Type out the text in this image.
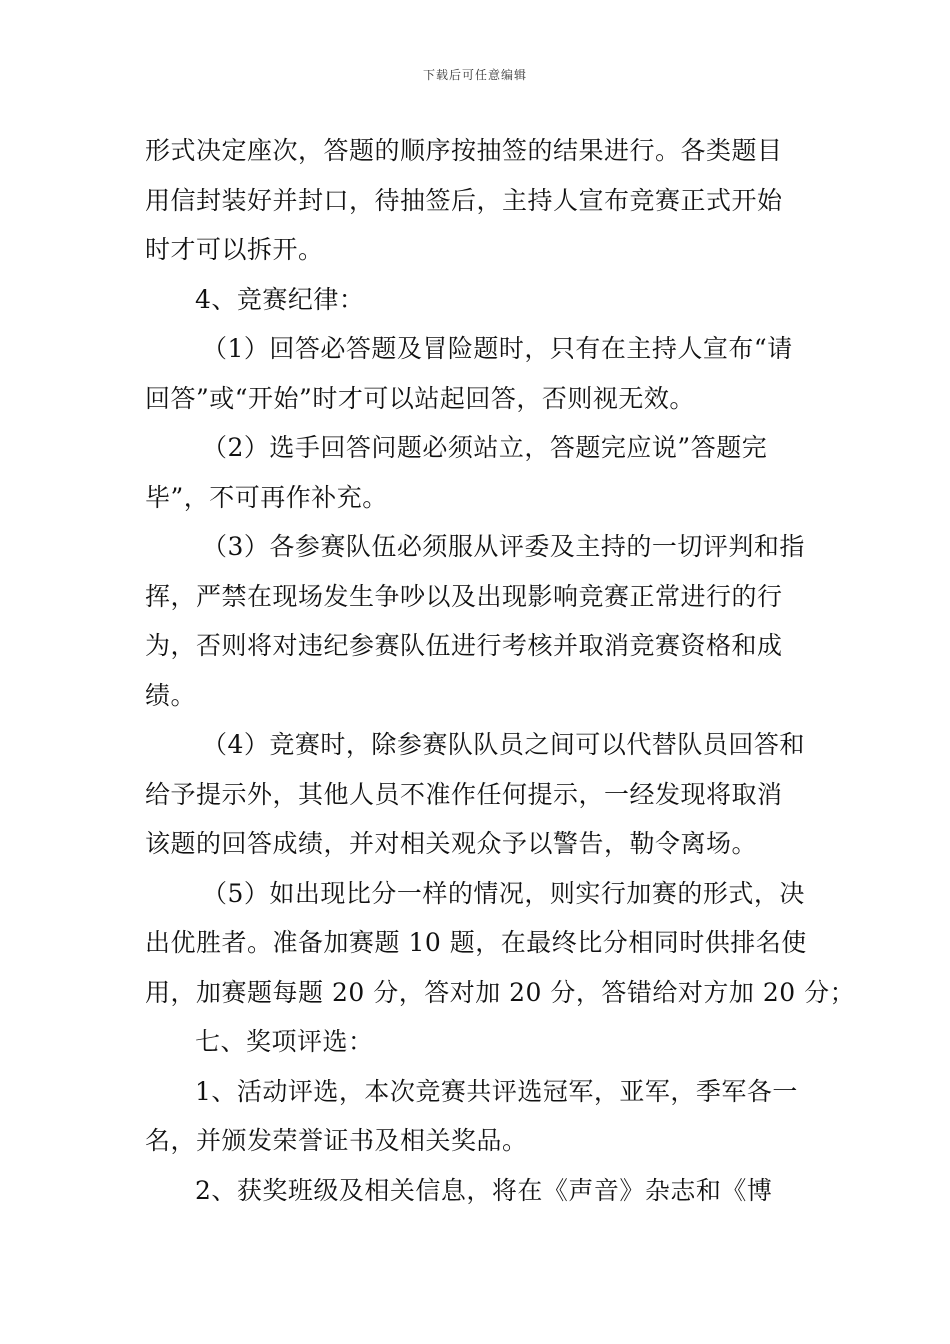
下载后可任意编辑
形式决定座次，答题的顺序按抽签的结果进行。各类题目
用信封装好并封口，待抽签后，主持人宣布竞赛正式开始
时才可以拆开。
4、竞赛纪律：
（1）回答必答题及冒险题时，只有在主持人宣布“请
回答”或“开始”时才可以站起回答，否则视无效。
（2）选手回答问题必须站立，答题完应说”答题完
毕”，不可再作补充。
（3）各参赛队伍必须服从评委及主持的一切评判和指
挥，严禁在现场发生争吵以及出现影响竞赛正常进行的行
为，否则将对违纪参赛队伍进行考核并取消竞赛资格和成
绩。
（4）竞赛时，除参赛队队员之间可以代替队员回答和
给予提示外，其他人员不准作任何提示，一经发现将取消
该题的回答成绩，并对相关观众予以警告，勒令离场。
（5）如出现比分一样的情况，则实行加赛的形式，决
出优胜者。准备加赛题 10 题，在最终比分相同时供排名使
用，加赛题每题 20 分，答对加 20 分，答错给对方加 20 分；
七、奖项评选：
1、活动评选，本次竞赛共评选冠军，亚军，季军各一
名，并颁发荣誉证书及相关奖品。
2、获奖班级及相关信息，将在《声音》杂志和《博
